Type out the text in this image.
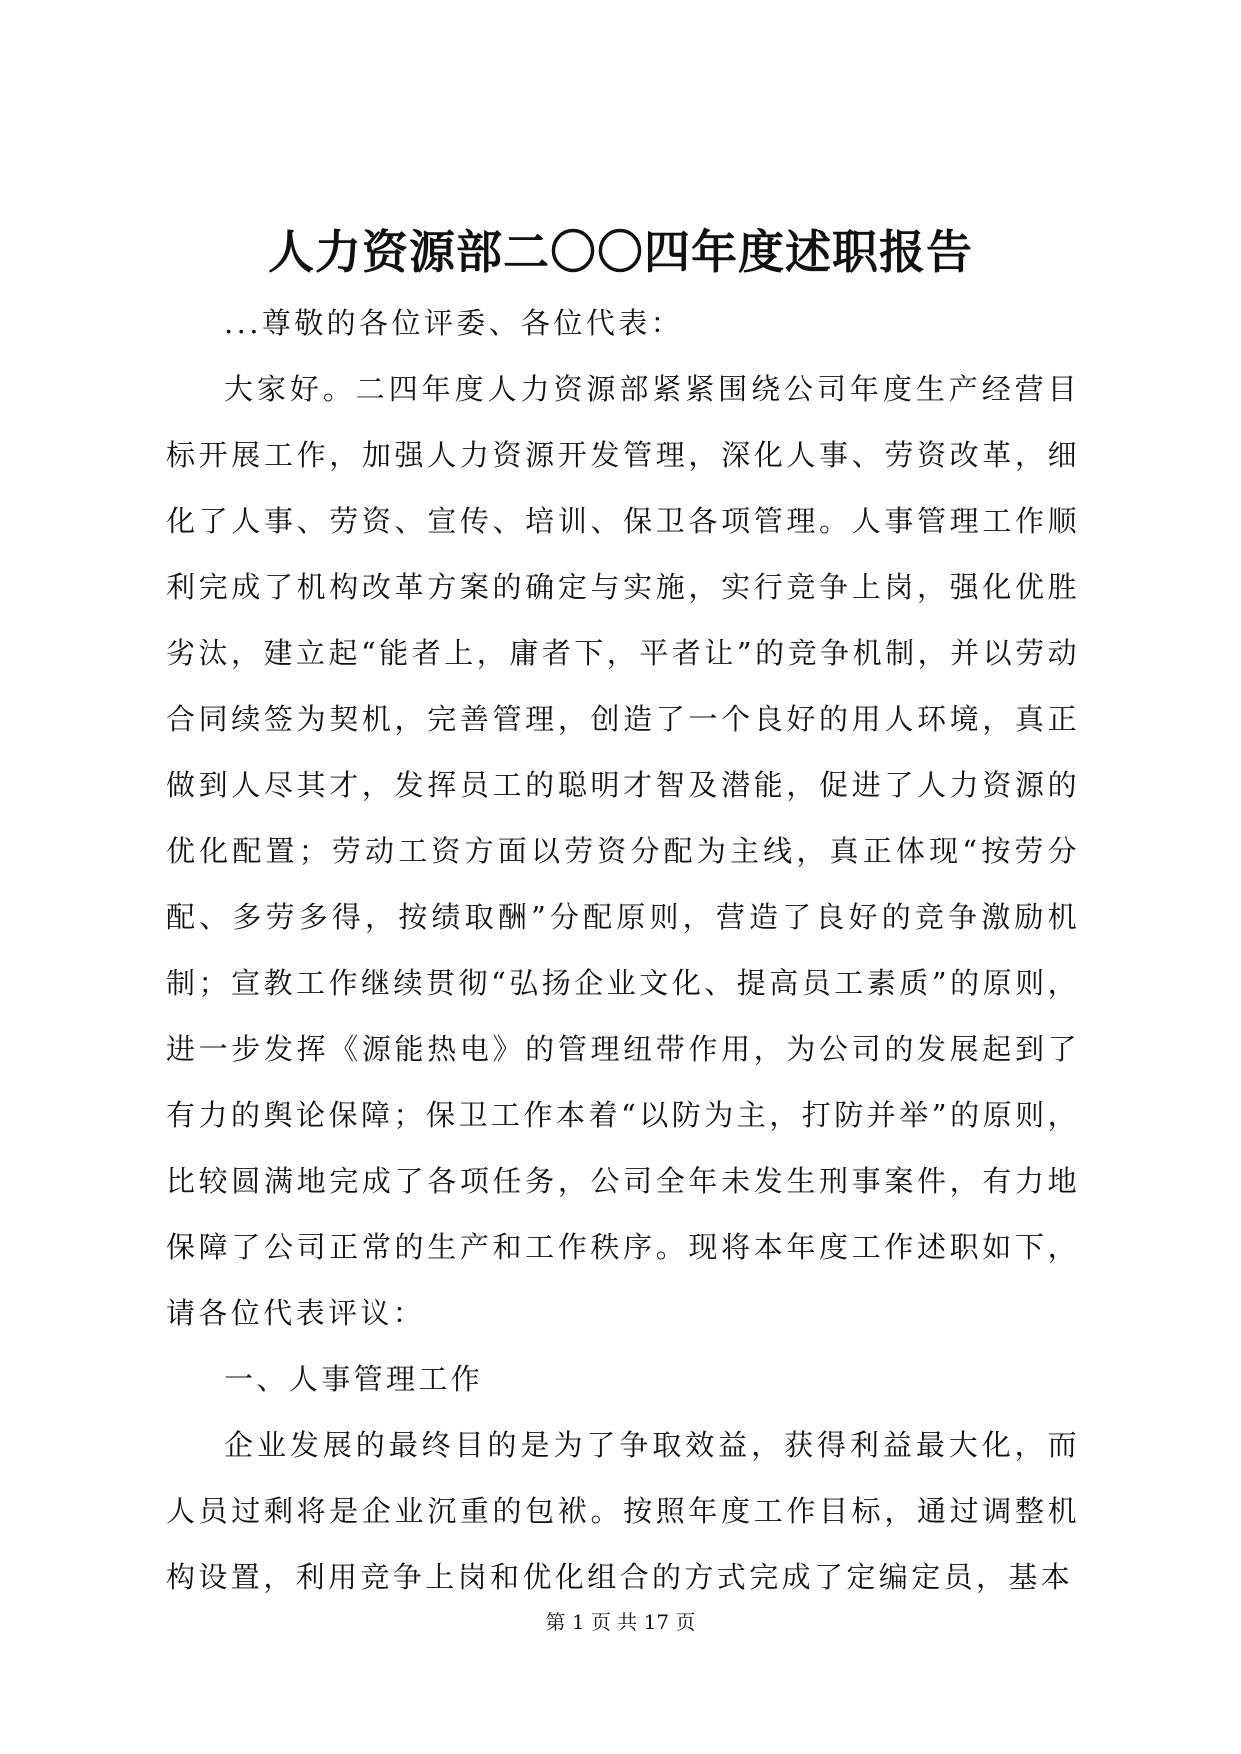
人力资源部二〇〇四年度述职报告

...尊敬的各位评委、各位代表：

大家好。二四年度人力资源部紧紧围绕公司年度生产经营目标开展工作，加强人力资源开发管理，深化人事、劳资改革，细化了人事、劳资、宣传、培训、保卫各项管理。人事管理工作顺利完成了机构改革方案的确定与实施，实行竞争上岗，强化优胜劣汰，建立起“能者上，庸者下，平者让”的竞争机制，并以劳动合同续签为契机，完善管理，创造了一个良好的用人环境，真正做到人尽其才，发挥员工的聪明才智及潜能，促进了人力资源的优化配置；劳动工资方面以劳资分配为主线，真正体现“按劳分配、多劳多得，按绩取酬”分配原则，营造了良好的竞争激励机制；宣教工作继续贯彻“弘扬企业文化、提高员工素质”的原则，进一步发挥《源能热电》的管理纽带作用，为公司的发展起到了有力的舆论保障；保卫工作本着“以防为主，打防并举”的原则，比较圆满地完成了各项任务，公司全年未发生刑事案件，有力地保障了公司正常的生产和工作秩序。现将本年度工作述职如下，请各位代表评议：

一、人事管理工作

企业发展的最终目的是为了争取效益，获得利益最大化，而人员过剩将是企业沉重的包袱。按照年度工作目标，通过调整机构设置，利用竞争上岗和优化组合的方式完成了定编定员，基本

第 1 页 共 17 页
